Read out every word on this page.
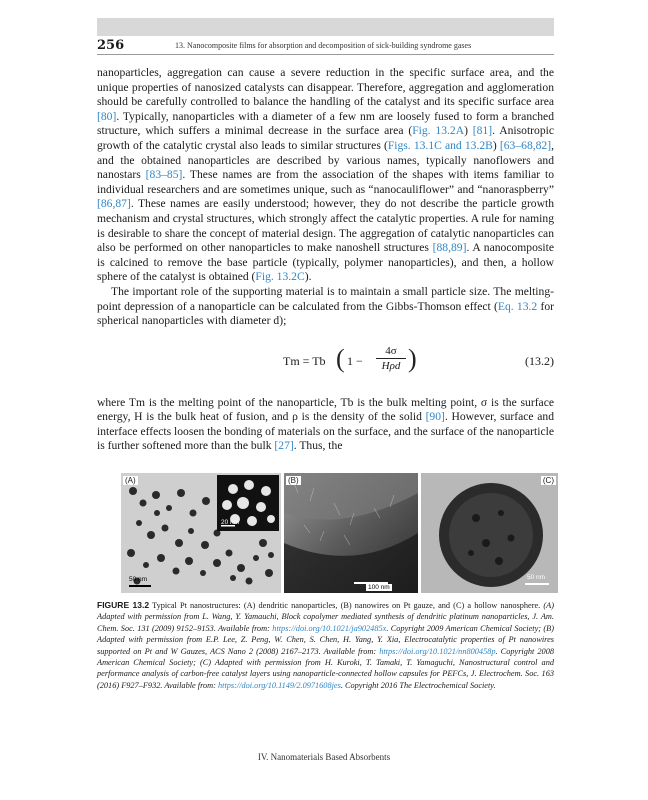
256	13. Nanocomposite films for absorption and decomposition of sick-building syndrome gases

nanoparticles, aggregation can cause a severe reduction in the specific surface area, and the unique properties of nanosized catalysts can disappear. Therefore, aggregation and agglomeration should be carefully controlled to balance the handling of the catalyst and its specific surface area [80]. Typically, nanoparticles with a diameter of a few nm are loosely fused to form a branched structure, which suffers a minimal decrease in the surface area (Fig. 13.2A) [81]. Anisotropic growth of the catalytic crystal also leads to similar structures (Figs. 13.1C and 13.2B) [63–68,82], and the obtained nanoparticles are described by various names, typically nanoflowers and nanostars [83–85]. These names are from the association of the shapes with items familiar to individual researchers and are sometimes unique, such as “nanocauliflower” and “nanoraspberry” [86,87]. These names are easily understood; however, they do not describe the particle growth mechanism and crystal structures, which strongly affect the catalytic properties. A rule for naming is desirable to share the concept of material design. The aggregation of catalytic nanoparticles can also be performed on other nanoparticles to make nanoshell structures [88,89]. A nanocomposite is calcined to remove the base particle (typically, polymer nanoparticles), and then, a hollow sphere of the catalyst is obtained (Fig. 13.2C).

The important role of the supporting material is to maintain a small particle size. The melting-point depression of a nanoparticle can be calculated from the Gibbs-Thomson effect (Eq. 13.2 for spherical nanoparticles with diameter d);

Tm = Tb ( 1 −
4σ
Hρd )	(13.2)

where Tm is the melting point of the nanoparticle, Tb is the bulk melting point, σ is the surface energy, H is the bulk heat of fusion, and ρ is the density of the solid [90]. However, surface and interface effects loosen the bonding of materials on the surface, and the surface of the nanoparticle is further softened more than the bulk [27]. Thus, the

(A)
20 nm
50 nm
(B)
100 nm
(C)
50 nm
FIGURE 13.2 Typical Pt nanostructures: (A) dendritic nanoparticles, (B) nanowires on Pt gauze, and (C) a hollow nanosphere. (A) Adapted with permission from L. Wang, Y. Yamauchi, Block copolymer mediated synthesis of dendritic platinum nanoparticles, J. Am. Chem. Soc. 131 (2009) 9152–9153. Available from: https://doi.org/10.1021/ja902485x. Copyright 2009 American Chemical Society; (B) Adapted with permission from E.P. Lee, Z. Peng, W. Chen, S. Chen, H. Yang, Y. Xia, Electrocatalytic properties of Pt nanowires supported on Pt and W Gauzes, ACS Nano 2 (2008) 2167–2173. Available from: https://doi.org/10.1021/nn800458p. Copyright 2008 American Chemical Society; (C) Adapted with permission from H. Kuroki, T. Tamaki, T. Yamaguchi, Nanostructural control and performance analysis of carbon-free catalyst layers using nanoparticle-connected hollow capsules for PEFCs, J. Electrochem. Soc. 163 (2016) F927–F932. Available from: https://doi.org/10.1149/2.0971608jes. Copyright 2016 The Electrochemical Society.
IV. Nanomaterials Based Absorbents
